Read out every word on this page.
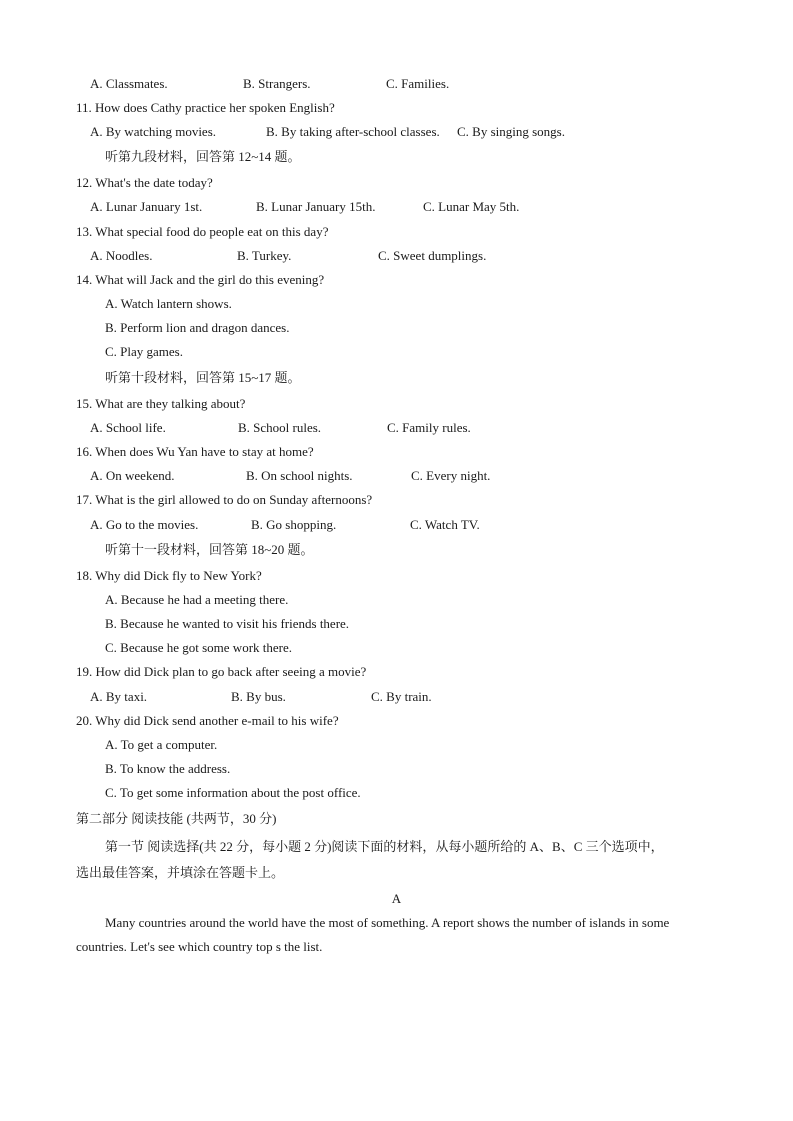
A. Classmates.	B. Strangers.	C. Families.
11. How does Cathy practice her spoken English?
A. By watching movies.	B. By taking after-school classes. C. By singing songs.
听第九段材料，回答第 12~14 题。
12. What's the date today?
A. Lunar January 1st.	B. Lunar January 15th.	C. Lunar May 5th.
13. What special food do people eat on this day?
A. Noodles.	B. Turkey.	C. Sweet dumplings.
14. What will Jack and the girl do this evening?
A. Watch lantern shows.
B. Perform lion and dragon dances.
C. Play games.
听第十段材料，回答第 15~17 题。
15. What are they talking about?
A. School life.	B. School rules.	C. Family rules.
16. When does Wu Yan have to stay at home?
A. On weekend.	B. On school nights.	C. Every night.
17. What is the girl allowed to do on Sunday afternoons?
A. Go to the movies.	B. Go shopping.	C. Watch TV.
听第十一段材料，回答第 18~20 题。
18. Why did Dick fly to New York?
A. Because he had a meeting there.
B. Because he wanted to visit his friends there.
C. Because he got some work there.
19. How did Dick plan to go back after seeing a movie?
A. By taxi.	B. By bus.	C. By train.
20. Why did Dick send another e-mail to his wife?
A. To get a computer.
B. To know the address.
C. To get some information about the post office.
第二部分 阅读技能 (共两节，30 分)
第一节 阅读选择(共 22 分，每小题 2 分)阅读下面的材料，从每小题所给的 A、B、C 三个选项中，
选出最佳答案，并填涂在答题卡上。
A
Many countries around the world have the most of something. A report shows the number of islands in some
countries. Let's see which country top s the list.
